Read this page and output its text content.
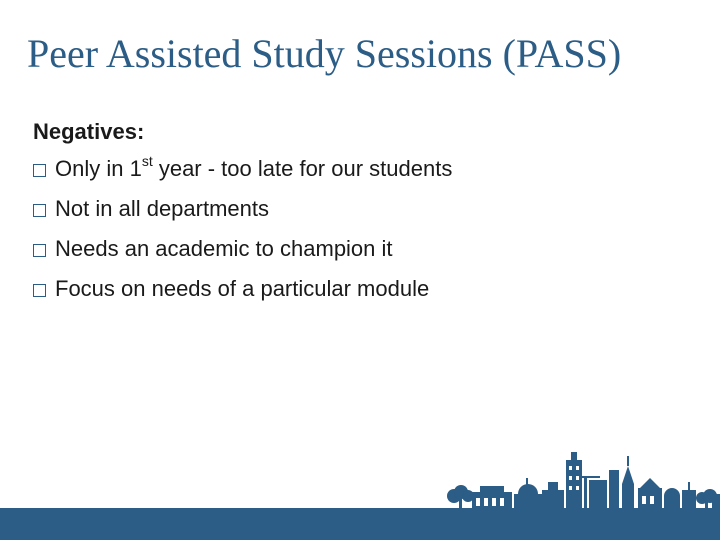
Peer Assisted Study Sessions (PASS)
Negatives:
Only in 1st year - too late for our students
Not in all departments
Needs an academic to champion it
Focus on needs of a particular module
